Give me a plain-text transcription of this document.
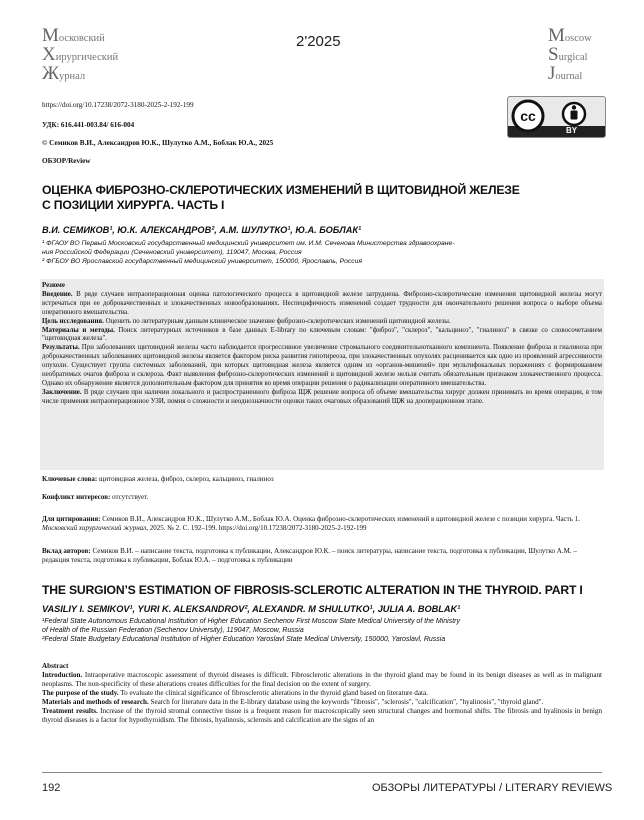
Московский
Хирургический
Журнал
2'2025	Moscow
Surgical
Journal
https://doi.org/10.17238/2072-3180-2025-2-192-199
УДК: 616.441-003.84/ 616-004
© Семиков В.И., Александров Ю.К., Шулутко А.М., Боблак Ю.А., 2025
ОБЗОР/Review
cc
BY
ОЦЕНКА ФИБРОЗНО-СКЛЕРОТИЧЕСКИХ ИЗМЕНЕНИЙ В ЩИТОВИДНОЙ ЖЕЛЕЗЕ
С ПОЗИЦИИ ХИРУРГА. ЧАСТЬ I
В.И. СЕМИКОВ¹, Ю.К. АЛЕКСАНДРОВ², А.М. ШУЛУТКО¹, Ю.А. БОБЛАК¹
¹ ФГАОУ ВО Первый Московский государственный медицинский университет им. И.М. Сеченова Министерства здравоохране-
ния Российской Федерации (Сеченовский университет), 119047, Москва, Россия
² ФГБОУ ВО Ярославский государственный медицинский университет, 150000, Ярославль, Россия

Резюме

Введение. В ряде случаев интраоперационная оценка патологического процесса в щитовидной железе затруднена. Фиброзно-склеротические изменения щитовидной железы могут встречаться при ее доброкачественных и злокачественных новообразованиях. Неспецифичность изменений создает трудности для окончательного решения вопроса о выборе объема оперативного вмешательства.

Цель исследования. Оценить по литературным данным клиническое значение фиброзно-склеротических изменений щитовидной железы.

Материалы и методы. Поиск литературных источников в базе данных E-library по ключевым словам: "фиброз", "склероз", "кальциноз", "гиалиноз" в связке со словосочетанием "щитовидная железа".

Результаты. При заболеваниях щитовидной железы часто наблюдается прогрессивное увеличение стромального соединительнотканного компонента. Появление фиброза и гиалиноза при доброкачественных заболеваниях щитовидной железы является фактором риска развития гипотиреоза, при злокачественных опухолях расценивается как одно из проявлений агрессивности опухоли. Существует группа системных заболеваний, при которых щитовидная железа является одним из «органов-мишеней» при мультифокальных поражениях с формированием необратимых очагов фиброза и склероза. Факт выявления фиброзно-склеротических изменений в щитовидной железе нельзя считать обязательным признаком злокачественного процесса. Однако их обнаружение является дополнительным фактором для принятия во время операции решения о радикализации оперативного вмешательства.

Заключение. В ряде случаев при наличии локального и распространенного фиброза ЩЖ решение вопроса об объеме вмешательства хирург должен принимать во время операции, в том числе применяя интраоперационное УЗИ, помня о сложности и неоднозначности оценки таких очаговых образований ЩЖ на дооперационном этапе.

Ключевые слова: щитовидная железа, фиброз, склероз, кальциноз, гиалиноз
Конфликт интересов: отсутствует.
Для цитирования: Семиков В.И., Александров Ю.К., Шулутко А.М., Боблак Ю.А. Оценка фиброзно-склеротических изменений в щитовидной железе с позиции хирурга. Часть 1. Московский хирургический журнал, 2025. № 2. С. 192–199. https://doi.org/10.17238/2072-3180-2025-2-192-199
Вклад авторов: Семиков В.И. – написание текста, подготовка к публикации, Александров Ю.К. – поиск литературы, написание текста, подготовка к публикации, Шулутко А.М. – редакция текста, подготовка к публикации, Боблак Ю.А. – подготовка к публикации
THE SURGION’S ESTIMATION OF FIBROSIS-SCLEROTIC ALTERATION IN THE THYROID. PART I
VASILIY I. SEMIKOV¹, YURI K. ALEKSANDROV², ALEXANDR. M SHULUTKO¹, JULIA A. BOBLAK¹
¹Federal State Autonomous Educational Institution of Higher Education Sechenov First Moscow State Medical University of the Ministry
of Health of the Russian Federation (Sechenov University), 119047, Moscow, Russia
²Federal State Budgetary Educational Institution of Higher Education Yaroslavl State Medical University, 150000, Yaroslavl, Russia

Abstract

Introduction. Intraoperative macroscopic assessment of thyroid diseases is difficult. Fibrosclerotic alterations in the thyroid gland may be found in its benign diseases as well as in malignant neoplasms. The non-specificity of these alterations creates difficulties for the final decision on the extent of surgery.

The purpose of the study. To evaluate the clinical significance of fibrosclerotic alterations in the thyroid gland based on literature data.

Materials and methods of research. Search for literature data in the E-library database using the keywords "fibrosis", "sclerosis", "calcification", "hyalinosis", "thyroid gland".

Treatment results. Increase of the thyroid stromal connective tissue is a frequent reason for macroscopically seen structural changes and hormonal shifts. The fibrosis and hyalinosis in benign thyroid diseases is a factor for hypothyroidism. The fibrosis, hyalinosis, sclerosis and calcification are the signs of an

192	ОБЗОРЫ ЛИТЕРАТУРЫ / LITERARY REVIEWS
